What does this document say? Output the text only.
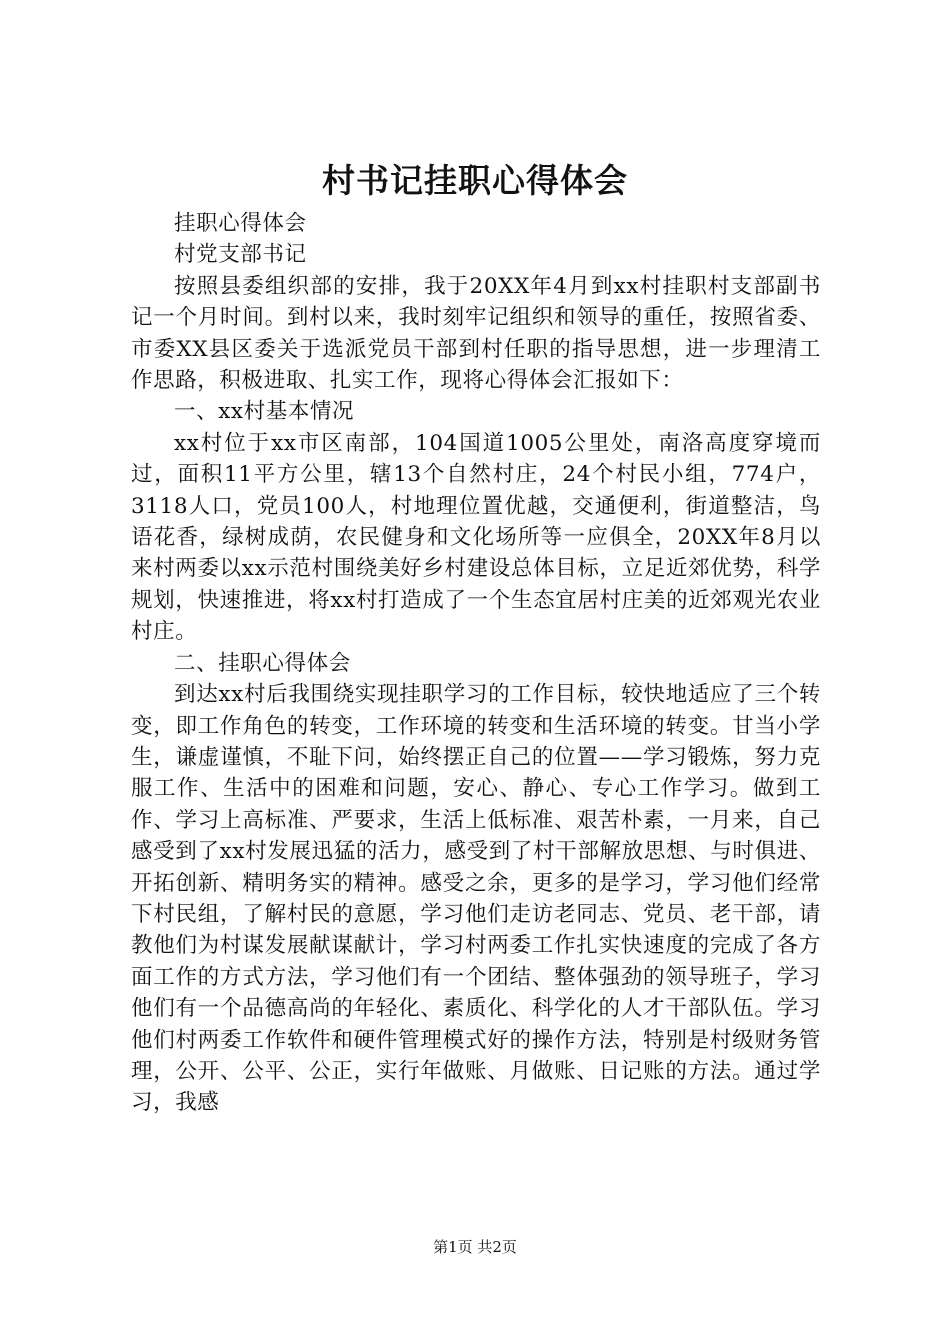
村书记挂职心得体会

挂职心得体会

村党支部书记

按照县委组织部的安排，我于20XX年4月到xx村挂职村支部副书记一个月时间。到村以来，我时刻牢记组织和领导的重任，按照省委、市委XX县区委关于选派党员干部到村任职的指导思想，进一步理清工作思路，积极进取、扎实工作，现将心得体会汇报如下：

一、xx村基本情况

xx村位于xx市区南部，104国道1005公里处，南洛高度穿境而过，面积11平方公里，辖13个自然村庄，24个村民小组，774户，3118人口，党员100人，村地理位置优越，交通便利，街道整洁，鸟语花香，绿树成荫，农民健身和文化场所等一应俱全，20XX年8月以来村两委以xx示范村围绕美好乡村建设总体目标，立足近郊优势，科学规划，快速推进，将xx村打造成了一个生态宜居村庄美的近郊观光农业村庄。

二、挂职心得体会

到达xx村后我围绕实现挂职学习的工作目标，较快地适应了三个转变，即工作角色的转变，工作环境的转变和生活环境的转变。甘当小学生，谦虚谨慎，不耻下问，始终摆正自己的位置——学习锻炼，努力克服工作、生活中的困难和问题，安心、静心、专心工作学习。做到工作、学习上高标准、严要求，生活上低标准、艰苦朴素，一月来，自己感受到了xx村发展迅猛的活力，感受到了村干部解放思想、与时俱进、开拓创新、精明务实的精神。感受之余，更多的是学习，学习他们经常下村民组，了解村民的意愿，学习他们走访老同志、党员、老干部，请教他们为村谋发展献谋献计，学习村两委工作扎实快速度的完成了各方面工作的方式方法，学习他们有一个团结、整体强劲的领导班子，学习他们有一个品德高尚的年轻化、素质化、科学化的人才干部队伍。学习他们村两委工作软件和硬件管理模式好的操作方法，特别是村级财务管理，公开、公平、公正，实行年做账、月做账、日记账的方法。通过学习，我感

第1页 共2页
